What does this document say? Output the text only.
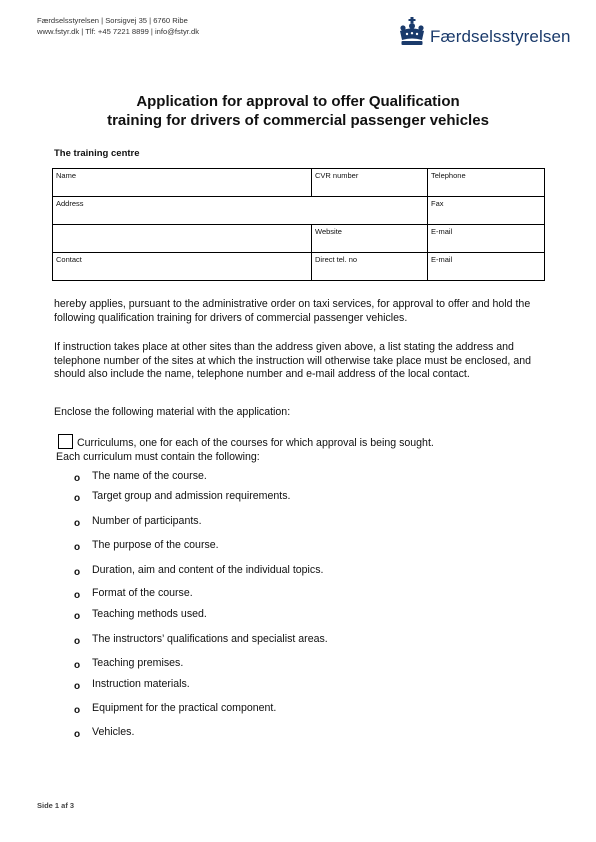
Færdselsstyrelsen | Sorsigvej 35 | 6760 Ribe
www.fstyr.dk | Tlf: +45 7221 8899 | info@fstyr.dk	Færdselsstyrelsen
Application for approval to offer Qualification
training for drivers of commercial passenger vehicles
The training centre
Name	CVR number	Telephone
Address		Fax
	Website	E-mail
Contact	Direct tel. no	E-mail
hereby applies, pursuant to the administrative order on taxi services, for approval to offer and hold the following qualification training for drivers of commercial passenger vehicles.
If instruction takes place at other sites than the address given above, a list stating the address and telephone number of the sites at which the instruction will otherwise take place must be enclosed, and should also include the name, telephone number and e-mail address of the local contact.
Enclose the following material with the application:
Curriculums, one for each of the courses for which approval is being sought.
Each curriculum must contain the following:
o The name of the course.
o Target group and admission requirements.
o Number of participants.
o The purpose of the course.
o Duration, aim and content of the individual topics.
o Format of the course.
o Teaching methods used.
o The instructors’ qualifications and specialist areas.
o Teaching premises.
o Instruction materials.
o Equipment for the practical component.
o Vehicles.
Side 1 af 3
